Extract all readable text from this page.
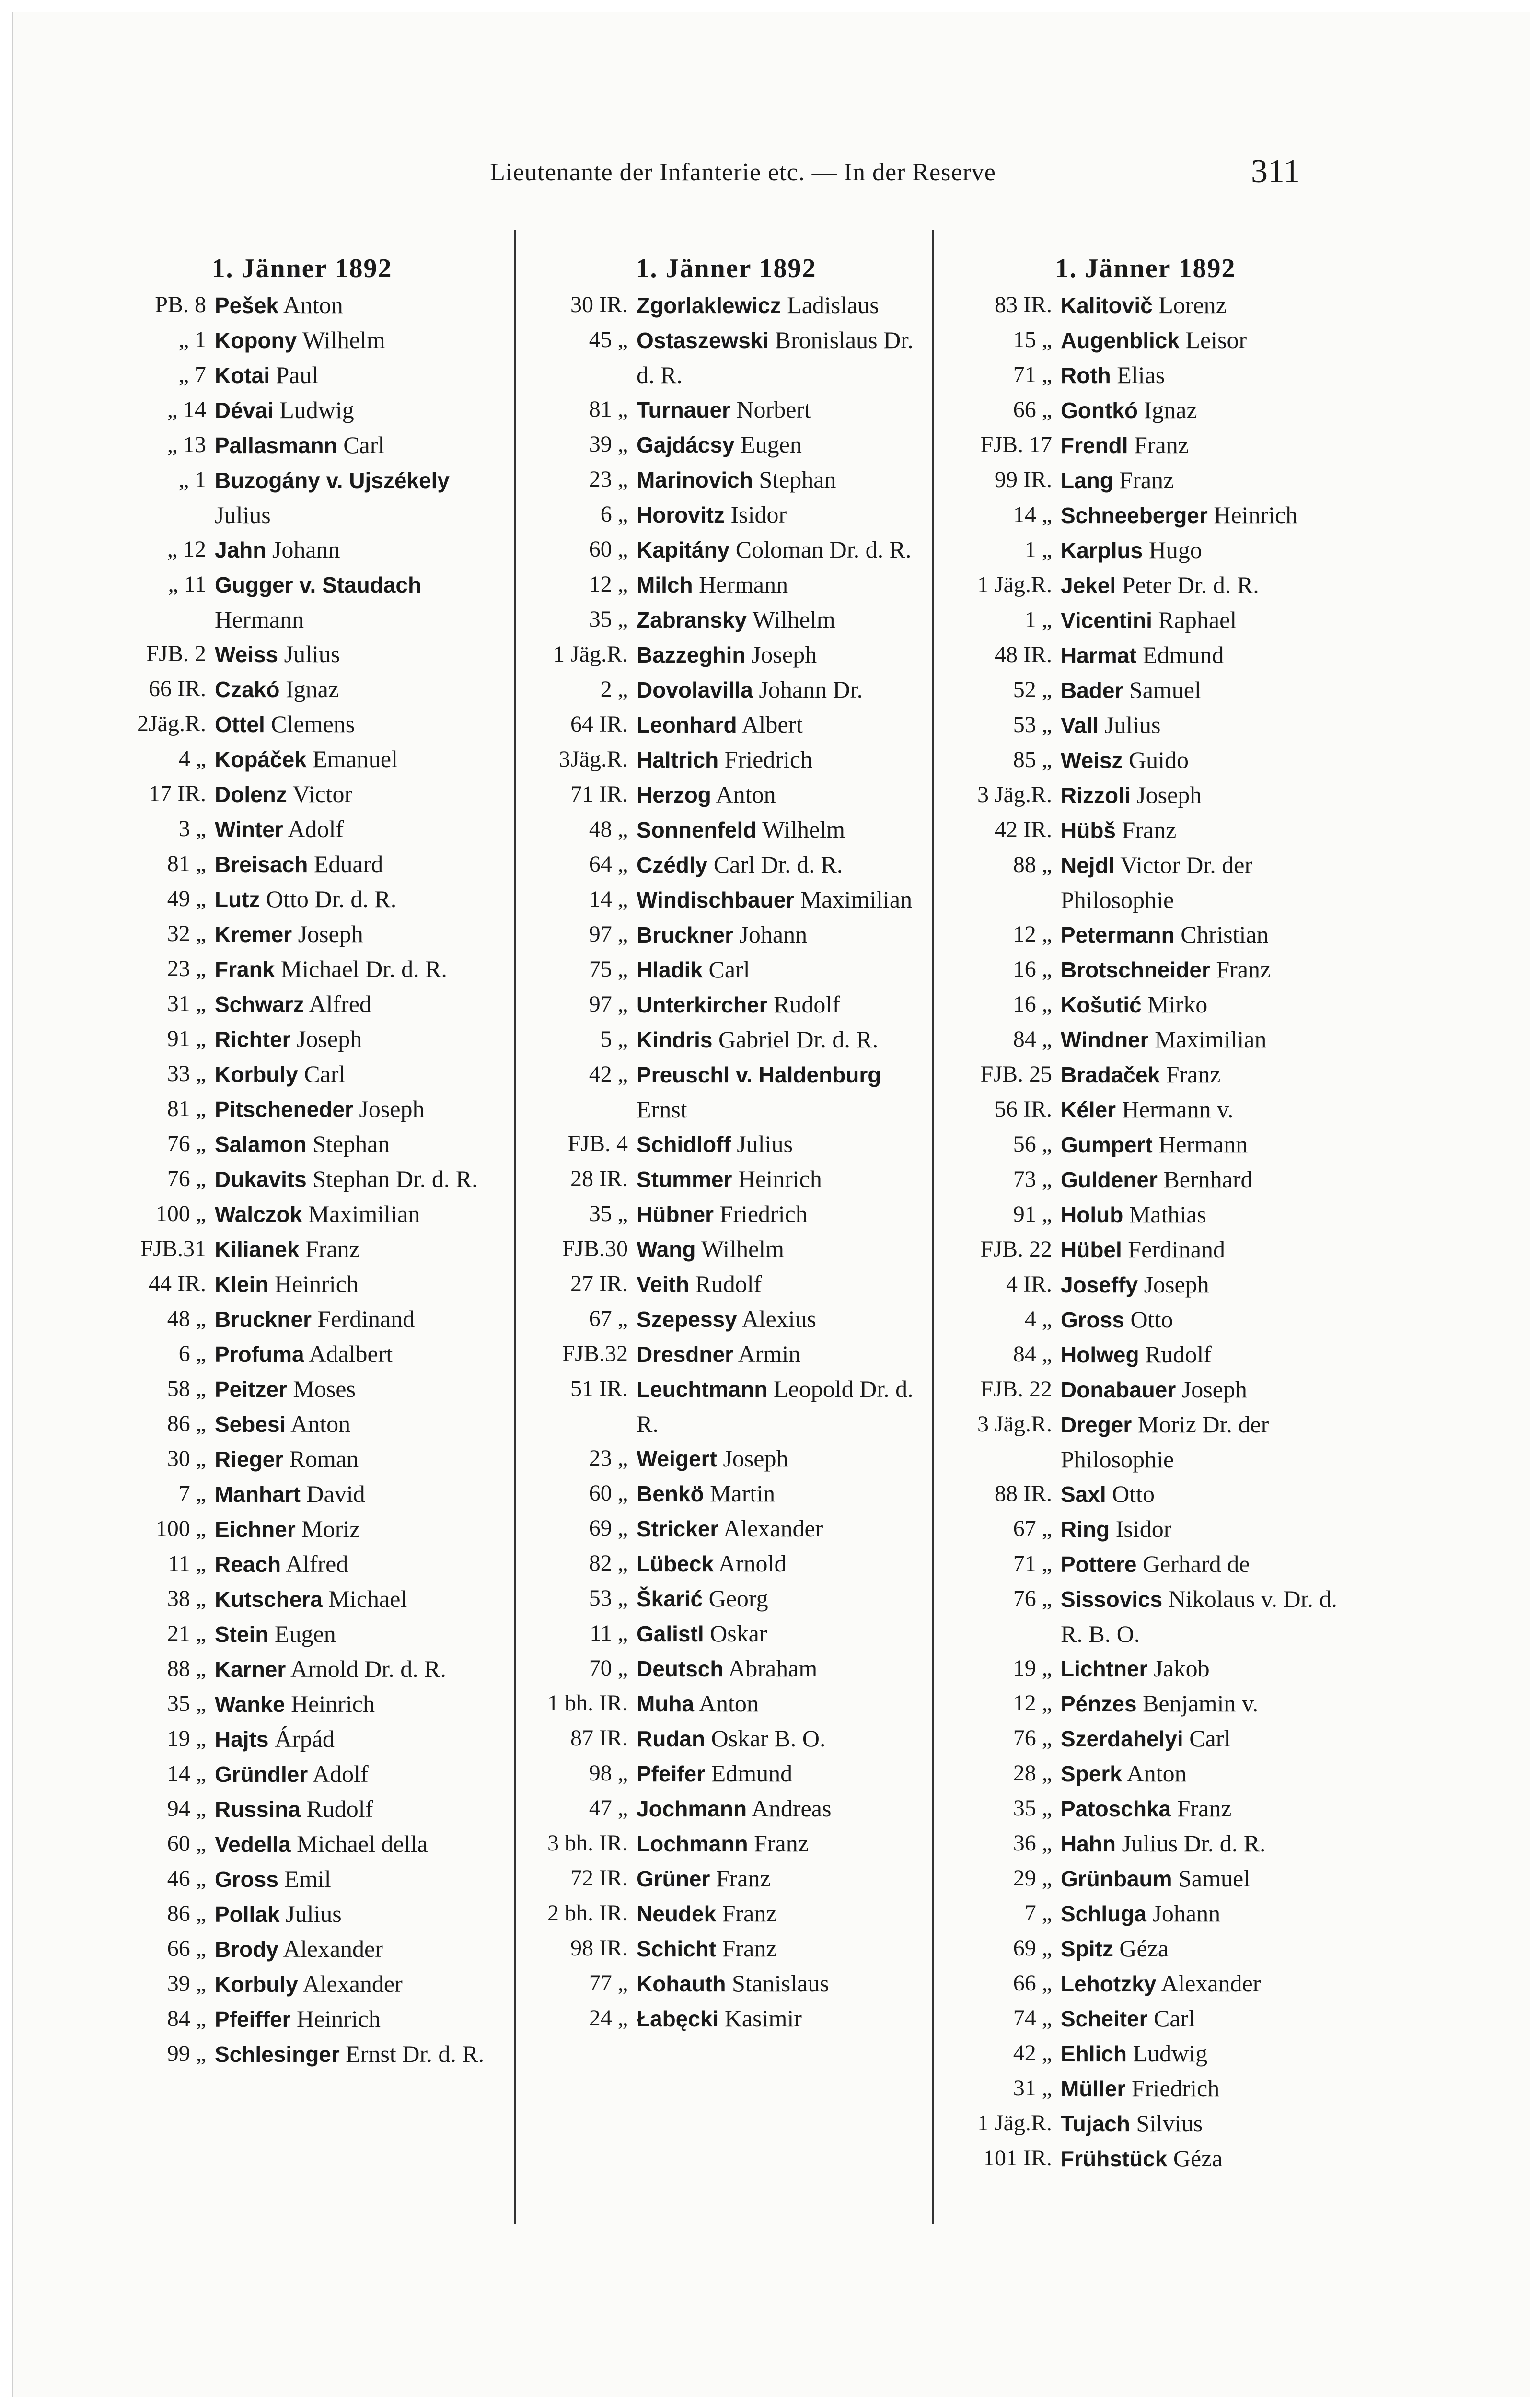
Lieutenante der Infanterie etc. — In der Reserve	311
1. Jänner 1892
PB. 8 Pešek Anton
„ 1 Kopony Wilhelm
„ 7 Kotai Paul
„ 14 Dévai Ludwig
„ 13 Pallasmann Carl
„ 1 Buzogány v. Ujszékely Julius
„ 12 Jahn Johann
„ 11 Gugger v. Staudach Hermann
FJB. 2 Weiss Julius
66 IR. Czakó Ignaz
2Jäg.R. Ottel Clemens
4 „ Kopáček Emanuel
17 IR. Dolenz Victor
3 „ Winter Adolf
81 „ Breisach Eduard
49 „ Lutz Otto Dr. d. R.
32 „ Kremer Joseph
23 „ Frank Michael Dr. d. R.
31 „ Schwarz Alfred
91 „ Richter Joseph
33 „ Korbuly Carl
81 „ Pitscheneder Joseph
76 „ Salamon Stephan
76 „ Dukavits Stephan Dr. d. R.
100 „ Walczok Maximilian
FJB.31 Kilianek Franz
44 IR. Klein Heinrich
48 „ Bruckner Ferdinand
6 „ Profuma Adalbert
58 „ Peitzer Moses
86 „ Sebesi Anton
30 „ Rieger Roman
7 „ Manhart David
100 „ Eichner Moriz
11 „ Reach Alfred
38 „ Kutschera Michael
21 „ Stein Eugen
88 „ Karner Arnold Dr. d. R.
35 „ Wanke Heinrich
19 „ Hajts Árpád
14 „ Gründler Adolf
94 „ Russina Rudolf
60 „ Vedella Michael della
46 „ Gross Emil
86 „ Pollak Julius
66 „ Brody Alexander
39 „ Korbuly Alexander
84 „ Pfeiffer Heinrich
99 „ Schlesinger Ernst Dr. d. R.
1. Jänner 1892
30 IR. Zgorlaklewicz Ladislaus
45 „ Ostaszewski Bronislaus Dr. d. R.
81 „ Turnauer Norbert
39 „ Gajdácsy Eugen
23 „ Marinovich Stephan
6 „ Horovitz Isidor
60 „ Kapitány Coloman Dr. d. R.
12 „ Milch Hermann
35 „ Zabransky Wilhelm
1 Jäg.R. Bazzeghin Joseph
2 „ Dovolavilla Johann Dr.
64 IR. Leonhard Albert
3Jäg.R. Haltrich Friedrich
71 IR. Herzog Anton
48 „ Sonnenfeld Wilhelm
64 „ Czédly Carl Dr. d. R.
14 „ Windischbauer Maximilian
97 „ Bruckner Johann
75 „ Hladik Carl
97 „ Unterkircher Rudolf
5 „ Kindris Gabriel Dr. d. R.
42 „ Preuschl v. Haldenburg Ernst
FJB. 4 Schidloff Julius
28 IR. Stummer Heinrich
35 „ Hübner Friedrich
FJB.30 Wang Wilhelm
27 IR. Veith Rudolf
67 „ Szepessy Alexius
FJB.32 Dresdner Armin
51 IR. Leuchtmann Leopold Dr. d. R.
23 „ Weigert Joseph
60 „ Benkö Martin
69 „ Stricker Alexander
82 „ Lübeck Arnold
53 „ Škarić Georg
11 „ Galistl Oskar
70 „ Deutsch Abraham
1 bh. IR. Muha Anton
87 IR. Rudan Oskar B. O.
98 „ Pfeifer Edmund
47 „ Jochmann Andreas
3 bh. IR. Lochmann Franz
72 IR. Grüner Franz
2 bh. IR. Neudek Franz
98 IR. Schicht Franz
77 „ Kohauth Stanislaus
24 „ Łabęcki Kasimir
1. Jänner 1892
83 IR. Kalitovič Lorenz
15 „ Augenblick Leisor
71 „ Roth Elias
66 „ Gontkó Ignaz
FJB. 17 Frendl Franz
99 IR. Lang Franz
14 „ Schneeberger Heinrich
1 „ Karplus Hugo
1 Jäg.R. Jekel Peter Dr. d. R.
1 „ Vicentini Raphael
48 IR. Harmat Edmund
52 „ Bader Samuel
53 „ Vall Julius
85 „ Weisz Guido
3 Jäg.R. Rizzoli Joseph
42 IR. Hübš Franz
88 „ Nejdl Victor Dr. der Philosophie
12 „ Petermann Christian
16 „ Brotschneider Franz
16 „ Košutić Mirko
84 „ Windner Maximilian
FJB. 25 Bradaček Franz
56 IR. Kéler Hermann v.
56 „ Gumpert Hermann
73 „ Guldener Bernhard
91 „ Holub Mathias
FJB. 22 Hübel Ferdinand
4 IR. Joseffy Joseph
4 „ Gross Otto
84 „ Holweg Rudolf
FJB. 22 Donabauer Joseph
3 Jäg.R. Dreger Moriz Dr. der Philosophie
88 IR. Saxl Otto
67 „ Ring Isidor
71 „ Pottere Gerhard de
76 „ Sissovics Nikolaus v. Dr. d. R. B. O.
19 „ Lichtner Jakob
12 „ Pénzes Benjamin v.
76 „ Szerdahelyi Carl
28 „ Sperk Anton
35 „ Patoschka Franz
36 „ Hahn Julius Dr. d. R.
29 „ Grünbaum Samuel
7 „ Schluga Johann
69 „ Spitz Géza
66 „ Lehotzky Alexander
74 „ Scheiter Carl
42 „ Ehlich Ludwig
31 „ Müller Friedrich
1 Jäg.R. Tujach Silvius
101 IR. Frühstück Géza
